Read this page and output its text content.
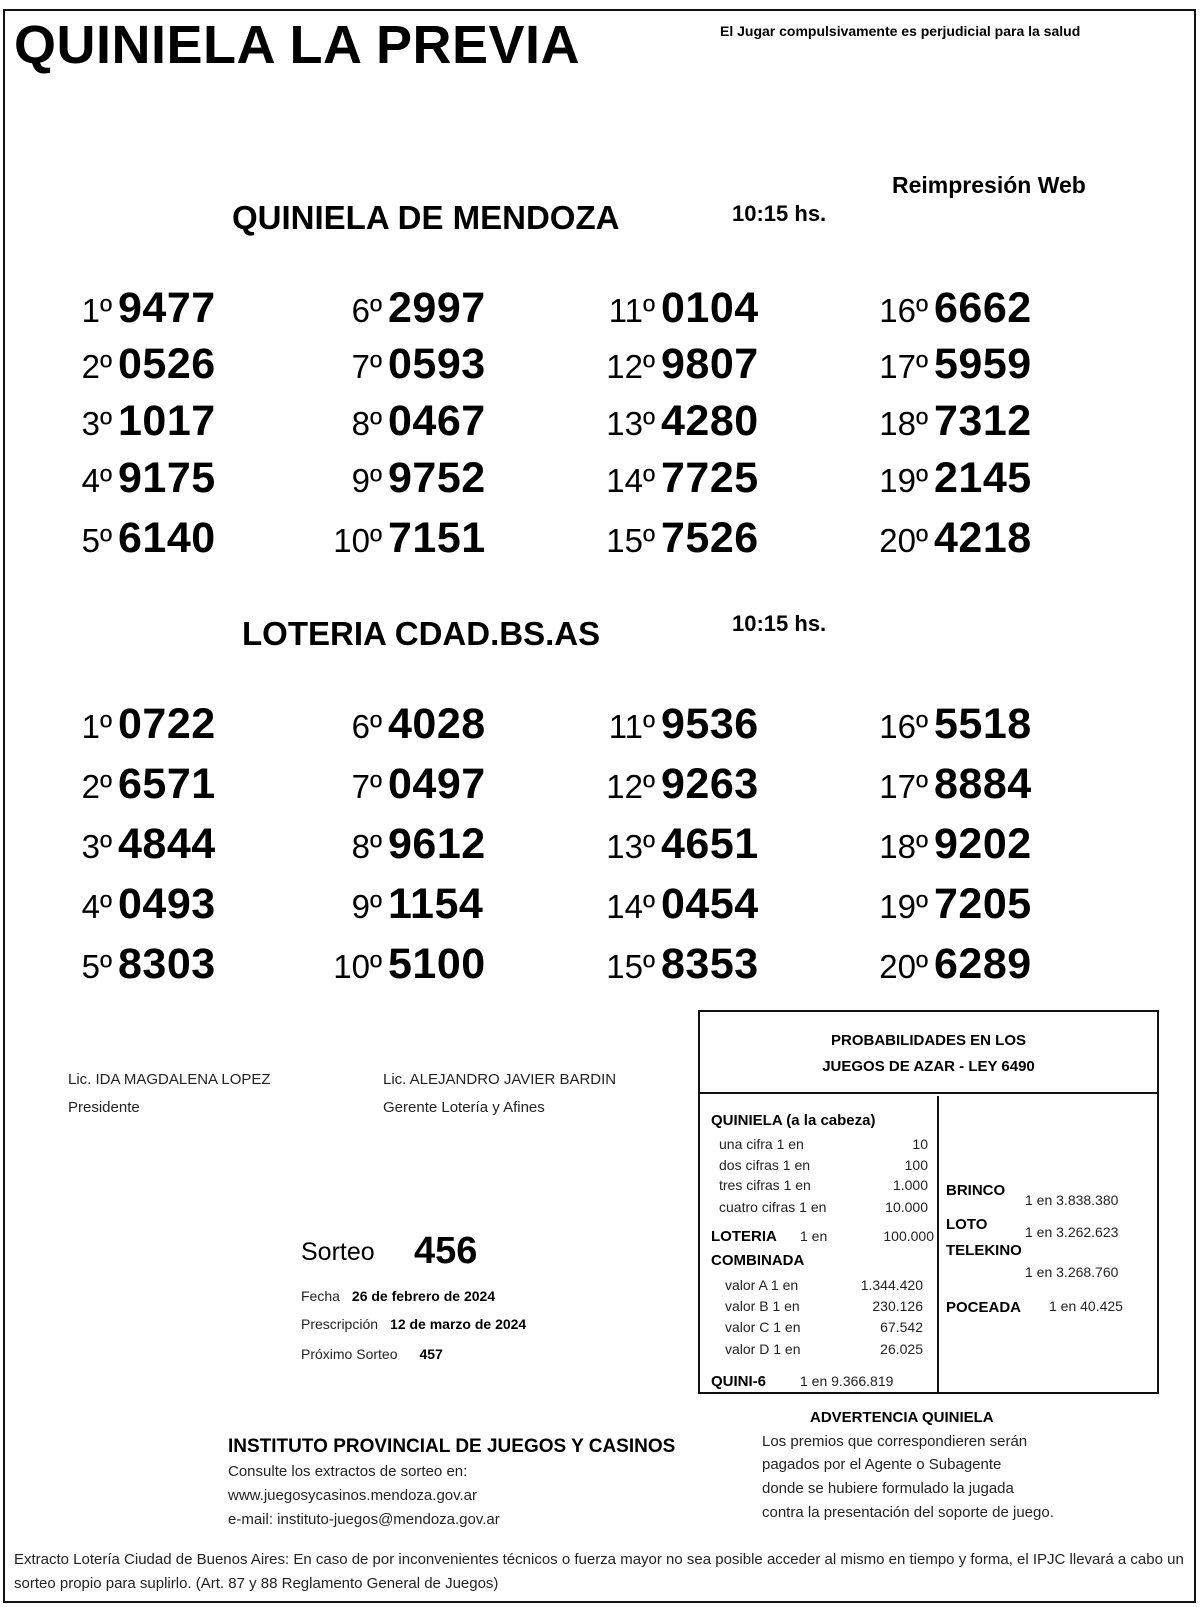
QUINIELA LA PREVIA	El Jugar compulsivamente es perjudicial para la salud
Reimpresión Web
QUINIELA DE MENDOZA	10:15 hs.
1º 9477
2º 0526
3º 1017
4º 9175
5º 6140
6º 2997
7º 0593
8º 0467
9º 9752
10º 7151
11º 0104
12º 9807
13º 4280
14º 7725
15º 7526
16º 6662
17º 5959
18º 7312
19º 2145
20º 4218
LOTERIA CDAD.BS.AS	10:15 hs.
1º 0722
2º 6571
3º 4844
4º 0493
5º 8303
6º 4028
7º 0497
8º 9612
9º 1154
10º 5100
11º 9536
12º 9263
13º 4651
14º 0454
15º 8353
16º 5518
17º 8884
18º 9202
19º 7205
20º 6289
Lic. IDA MAGDALENA LOPEZ
Presidente
Lic. ALEJANDRO JAVIER BARDIN
Gerente Lotería y Afines
Sorteo 456
Fecha 26 de febrero de 2024
Prescripción 12 de marzo de 2024
Próximo Sorteo 457
PROBABILIDADES EN LOS
JUEGOS DE AZAR - LEY 6490
QUINIELA (a la cabeza)
una cifra 1 en	10
dos cifras 1 en	100
tres cifras 1 en	1.000
cuatro cifras 1 en	10.000
LOTERIA 1 en	100.000
COMBINADA
valor A 1 en	1.344.420
valor B 1 en	230.126
valor C 1 en	67.542
valor D 1 en	26.025
QUINI-6 1 en 9.366.819
BRINCO
1 en 3.838.380
LOTO	1 en 3.262.623
TELEKINO
1 en 3.268.760
POCEADA 1 en 40.425
INSTITUTO PROVINCIAL DE JUEGOS Y CASINOS
Consulte los extractos de sorteo en:
www.juegosycasinos.mendoza.gov.ar
e-mail: instituto-juegos@mendoza.gov.ar
ADVERTENCIA QUINIELA
Los premios que correspondieren serán
pagados por el Agente o Subagente
donde se hubiere formulado la jugada
contra la presentación del soporte de juego.
Extracto Lotería Ciudad de Buenos Aires: En caso de por inconvenientes técnicos o fuerza mayor no sea posible acceder al mismo en tiempo y forma, el IPJC llevará a cabo un sorteo propio para suplirlo. (Art. 87 y 88 Reglamento General de Juegos)
